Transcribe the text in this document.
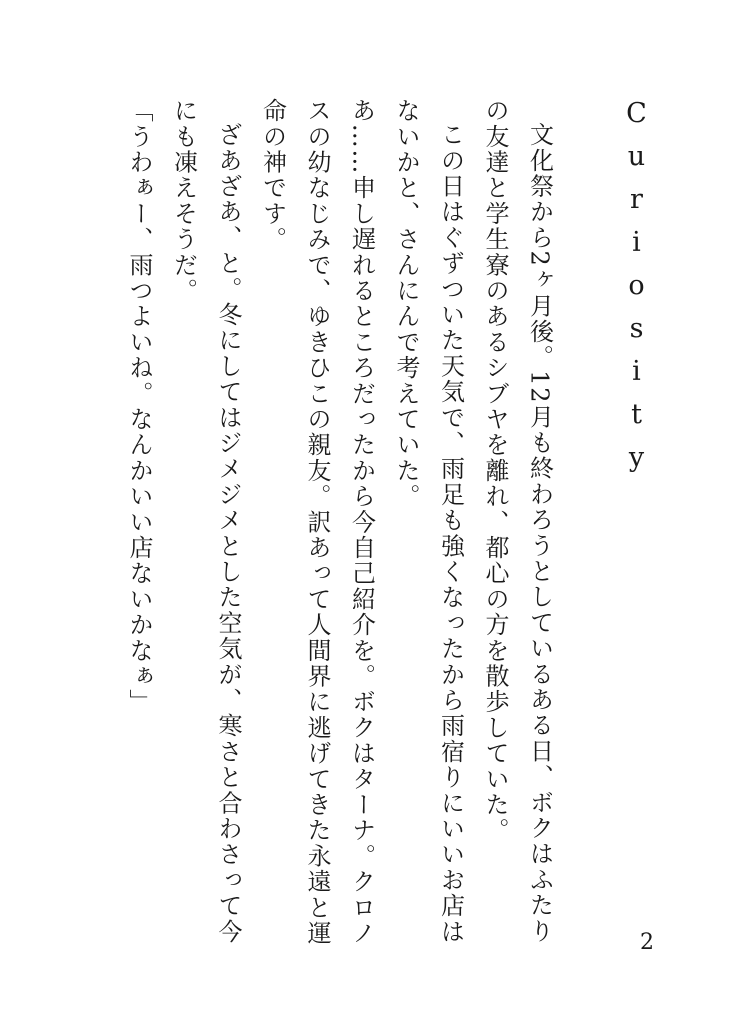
Curiosity

文化祭から2ヶ月後。12月も終わろうとしているある日、ボクはふたりの友達と学生寮のあるシブヤを離れ、都心の方を散歩していた。

この日はぐずついた天気で、雨足も強くなったから雨宿りにいいお店はないかと、さんにんで考えていた。

あ……申し遅れるところだったから今自己紹介を。ボクはターナ。クロノスの幼なじみで、ゆきひこの親友。訳あって人間界に逃げてきた永遠と運命の神です。

ざあざあ、と。冬にしてはジメジメとした空気が、寒さと合わさって今にも凍えそうだ。

「うわぁー、雨つよいね。なんかいい店ないかなぁ」

2
